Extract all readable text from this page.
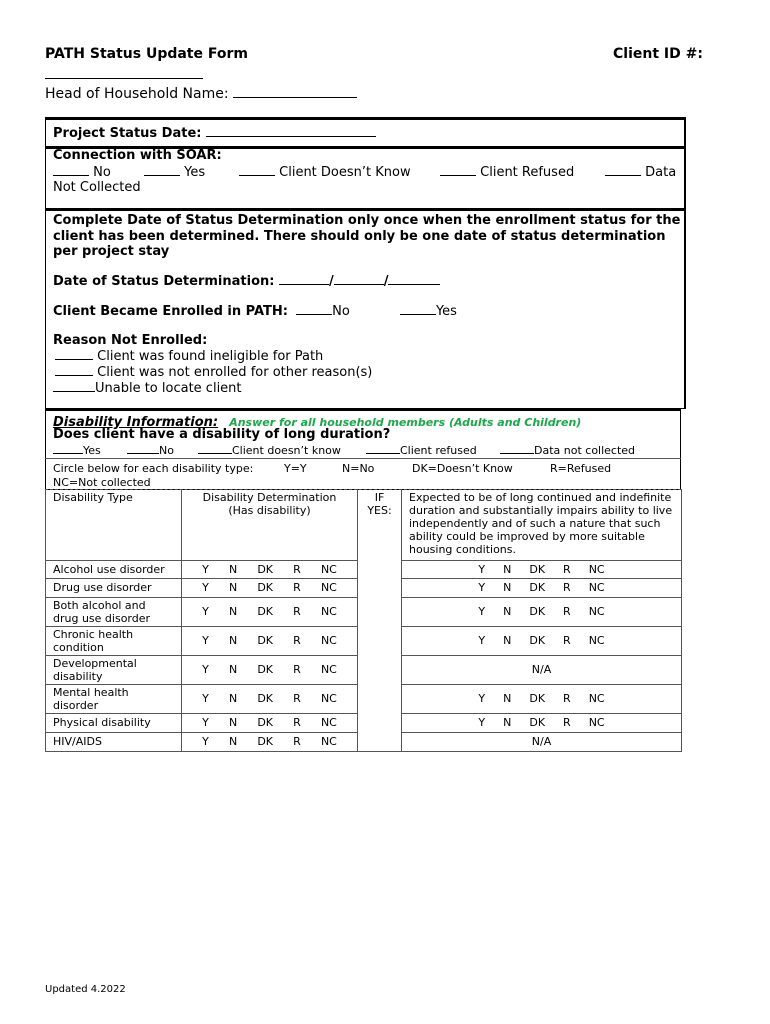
PATH Status Update Form	Client ID #:
Head of Household Name:
Project Status Date:
Connection with SOAR:
No	Yes	Client Doesn’t Know	Client Refused	Data
Not Collected
Complete Date of Status Determination only once when the enrollment status for the client has been determined. There should only be one date of status determination per project stay
Date of Status Determination:	/	/
Client Became Enrolled in PATH:	No	Yes
Reason Not Enrolled:
Client was found ineligible for Path
Client was not enrolled for other reason(s)
Unable to locate client
Disability Information: Answer for all household members (Adults and Children)
Does client have a disability of long duration?
Yes	No	Client doesn’t know	Client refused	Data not collected
Circle below for each disability type:	Y=Y	N=No	DK=Doesn’t Know	R=Refused
NC=Not collected
Disability Type	Disability Determination (Has disability)	IF YES:	Expected to be of long continued and indefinite duration and substantially impairs ability to live independently and of such a nature that such ability could be improved by more suitable housing conditions.
Alcohol use disorder	Y N DK R NC		Y N DK R NC

Drug use disorder	Y N DK R NC		Y N DK R NC

Both alcohol and drug use disorder	Y N DK R NC		Y N DK R NC

Chronic health condition	Y N DK R NC		Y N DK R NC

Developmental disability	Y N DK R NC		N/A
Mental health disorder	Y N DK R NC		Y N DK R NC

Physical disability	Y N DK R NC		Y N DK R NC

HIV/AIDS	Y N DK R NC		N/A
Updated 4.2022
